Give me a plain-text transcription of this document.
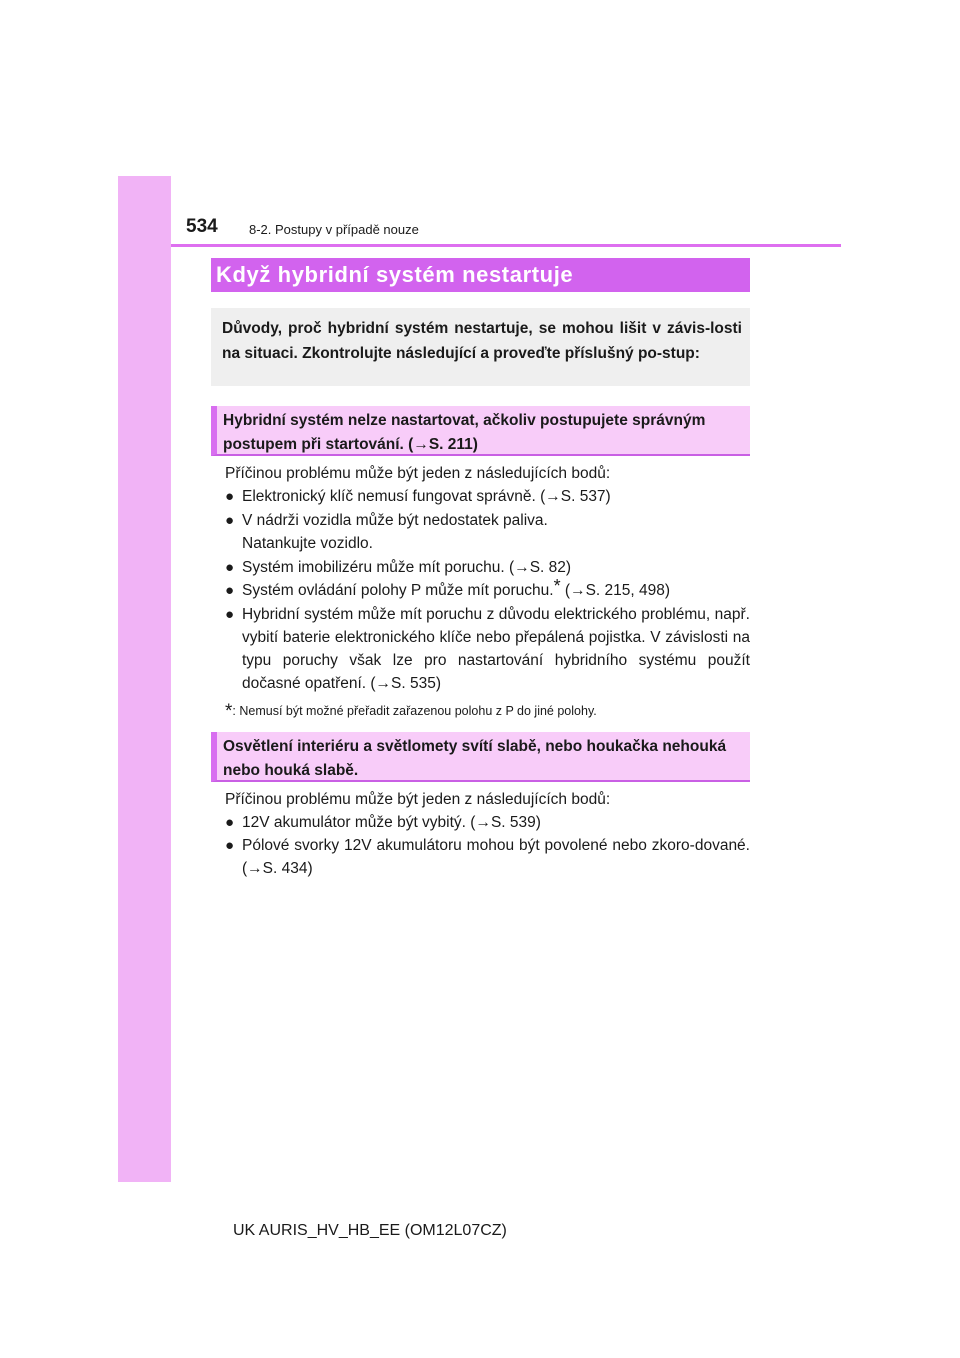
534 8-2. Postupy v případě nouze
Když hybridní systém nestartuje
Důvody, proč hybridní systém nestartuje, se mohou lišit v závis-losti na situaci. Zkontrolujte následující a proveďte příslušný po-stup:
Hybridní systém nelze nastartovat, ačkoliv postupujete správným postupem při startování. (→S. 211)
Příčinou problému může být jeden z následujících bodů:
● Elektronický klíč nemusí fungovat správně. (→S. 537)
● V nádrži vozidla může být nedostatek paliva.
Natankujte vozidlo.
● Systém imobilizéru může mít poruchu. (→S. 82)
● Systém ovládání polohy P může mít poruchu.* (→S. 215, 498)
● Hybridní systém může mít poruchu z důvodu elektrického problému, např. vybití baterie elektronického klíče nebo přepálená pojistka. V závislosti na typu poruchy však lze pro nastartování hybridního systému použít dočasné opatření. (→S. 535)
*: Nemusí být možné přeřadit zařazenou polohu z P do jiné polohy.
Osvětlení interiéru a světlomety svítí slabě, nebo houkačka nehouká nebo houká slabě.
Příčinou problému může být jeden z následujících bodů:
● 12V akumulátor může být vybitý. (→S. 539)
● Pólové svorky 12V akumulátoru mohou být povolené nebo zkoro-dované. (→S. 434)
UK AURIS_HV_HB_EE (OM12L07CZ)
